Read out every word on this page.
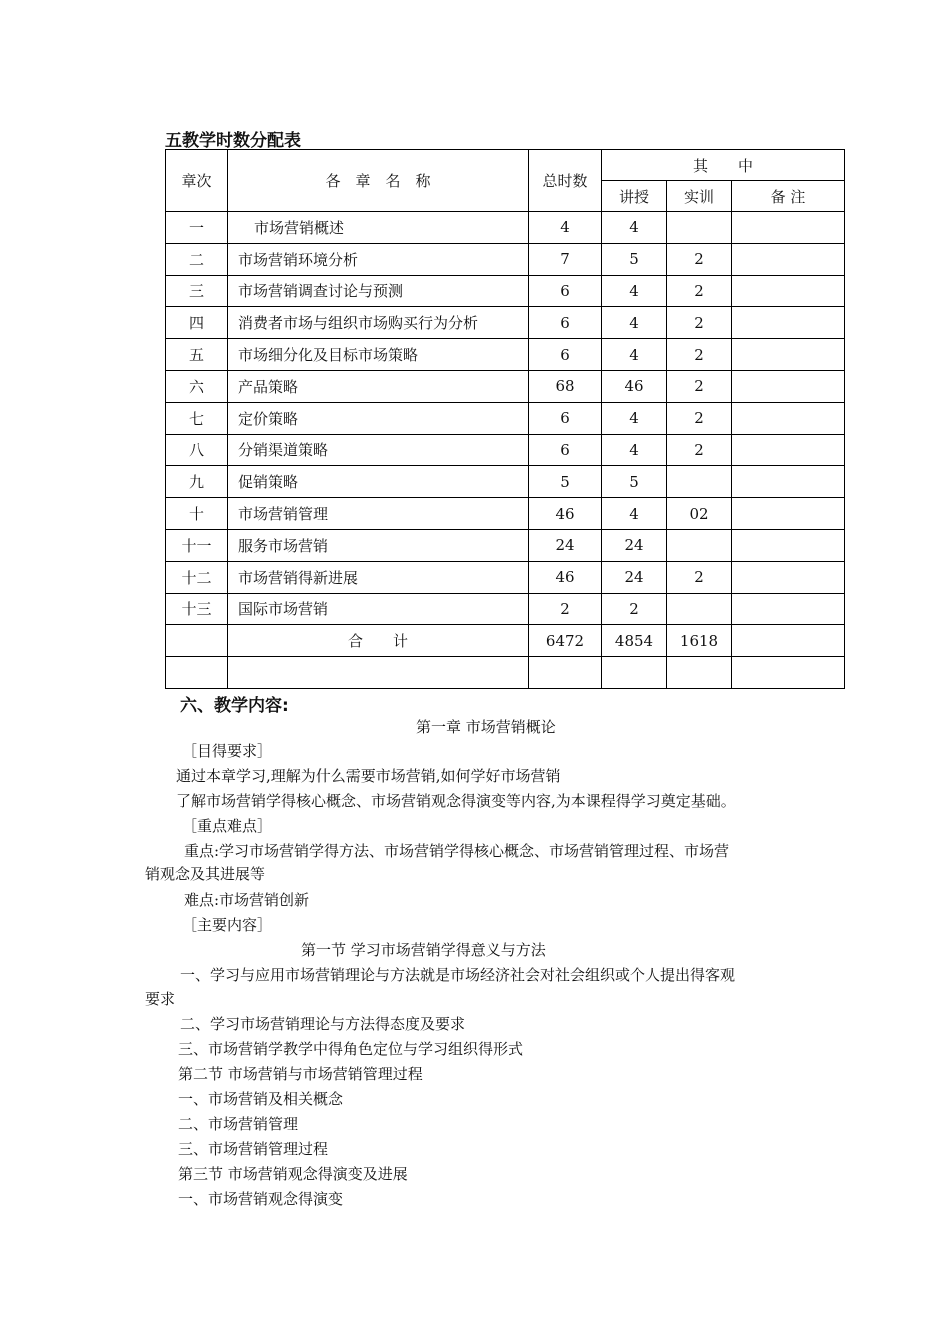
五教学时数分配表
章次	各　章　名　称	总时数	其　　中		
			讲授	实训	备 注
一	市场营销概述	4	4		
二	市场营销环境分析	7	5	2	
三	市场营销调查讨论与预测	6	4	2	
四	消费者市场与组织市场购买行为分析	6	4	2	
五	市场细分化及目标市场策略	6	4	2	
六	产品策略	68	46	2	
七	定价策略	6	4	2	
八	分销渠道策略	6	4	2	
九	促销策略	5	5		
十	市场营销管理	46	4	02	
十一	服务市场营销	24	24		
十二	市场营销得新进展	46	24	2	
十三	国际市场营销	2	2		
	合　　计	6472	4854	1618	

六、教学内容:
第一章 市场营销概论
［目得要求］
通过本章学习,理解为什么需要市场营销,如何学好市场营销
了解市场营销学得核心概念、市场营销观念得演变等内容,为本课程得学习奠定基础。
［重点难点］
重点:学习市场营销学得方法、市场营销学得核心概念、市场营销管理过程、市场营
销观念及其进展等
难点:市场营销创新
［主要内容］
第一节 学习市场营销学得意义与方法
一、学习与应用市场营销理论与方法就是市场经济社会对社会组织或个人提出得客观
要求
二、学习市场营销理论与方法得态度及要求
三、市场营销学教学中得角色定位与学习组织得形式
第二节 市场营销与市场营销管理过程
一、市场营销及相关概念
二、市场营销管理
三、市场营销管理过程
第三节 市场营销观念得演变及进展
一、市场营销观念得演变
